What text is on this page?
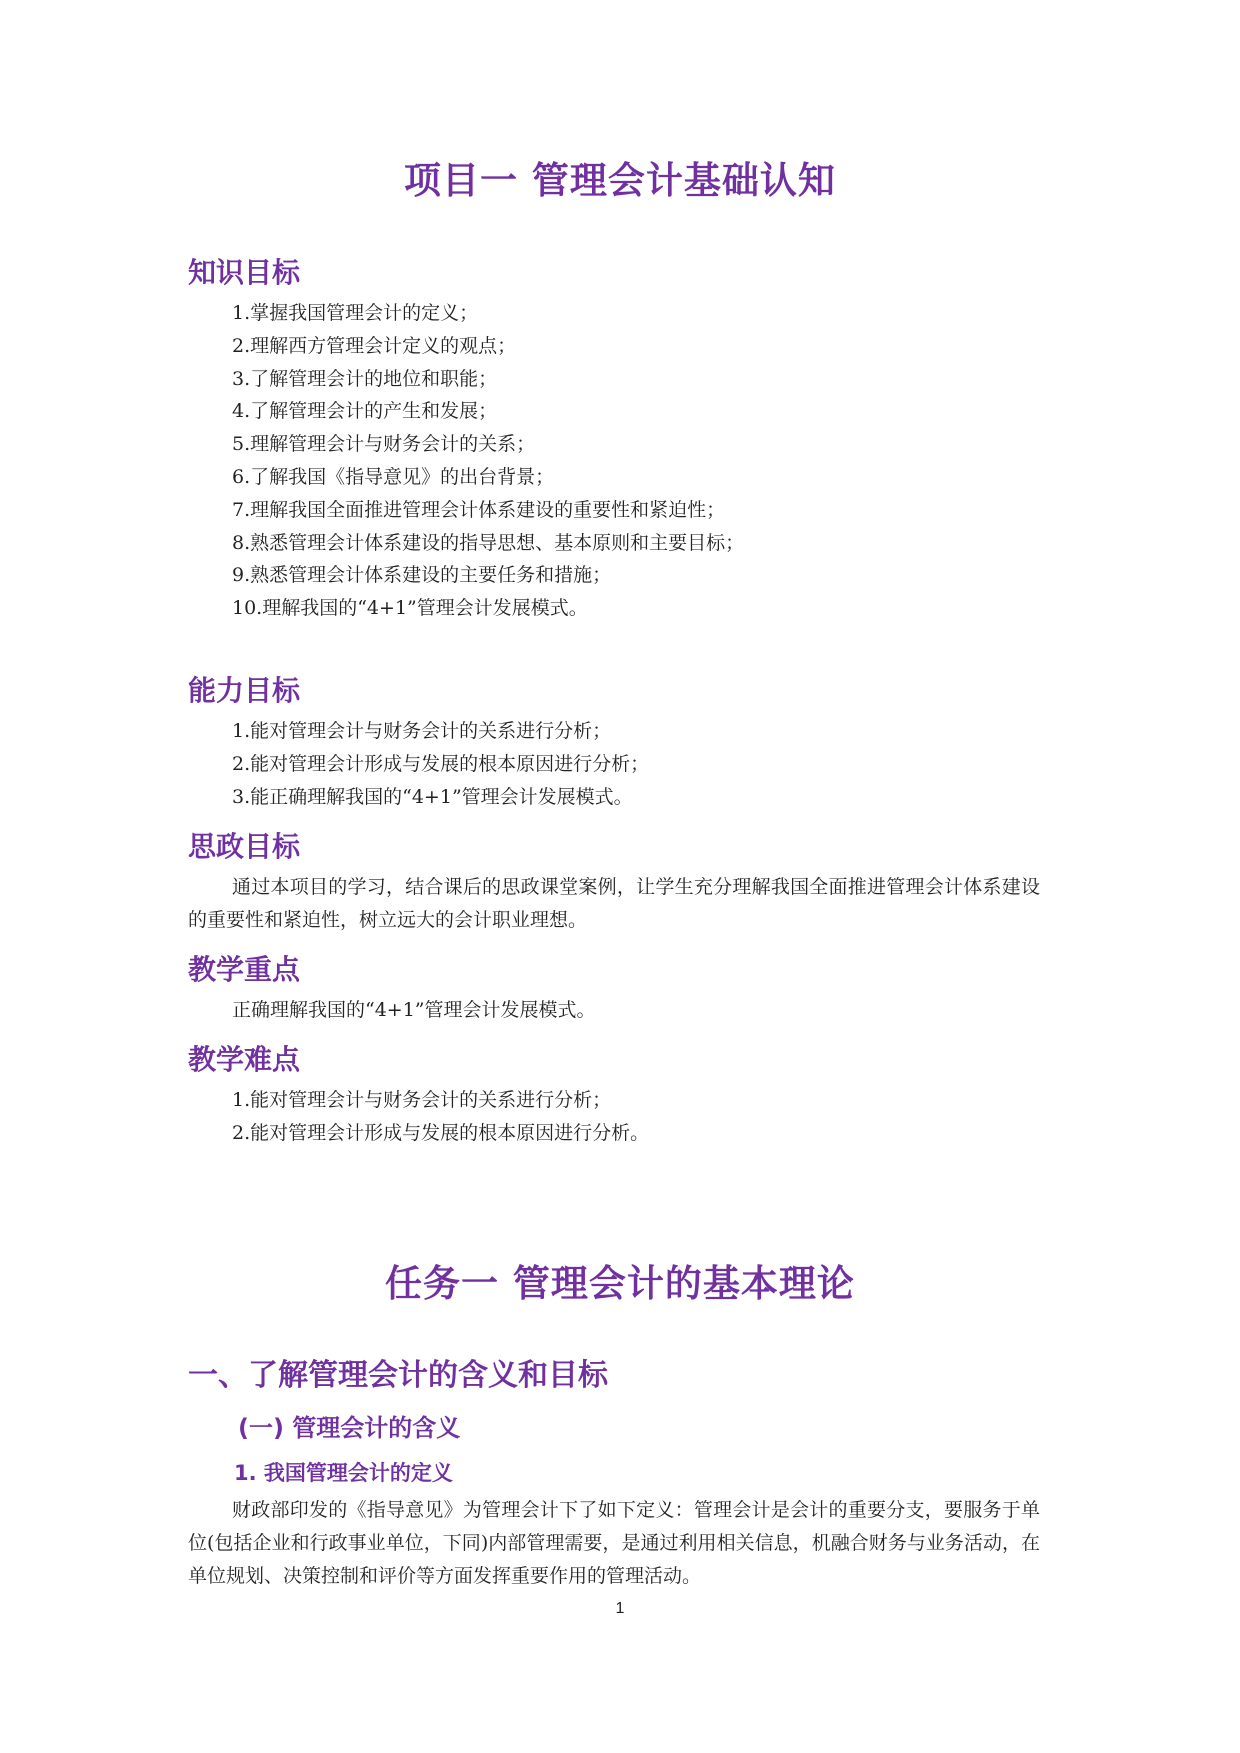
项目一 管理会计基础认知
知识目标
1.掌握我国管理会计的定义；
2.理解西方管理会计定义的观点；
3.了解管理会计的地位和职能；
4.了解管理会计的产生和发展；
5.理解管理会计与财务会计的关系；
6.了解我国《指导意见》的出台背景；
7.理解我国全面推进管理会计体系建设的重要性和紧迫性；
8.熟悉管理会计体系建设的指导思想、基本原则和主要目标；
9.熟悉管理会计体系建设的主要任务和措施；
10.理解我国的“4+1”管理会计发展模式。
能力目标
1.能对管理会计与财务会计的关系进行分析；
2.能对管理会计形成与发展的根本原因进行分析；
3.能正确理解我国的“4+1”管理会计发展模式。
思政目标

通过本项目的学习，结合课后的思政课堂案例，让学生充分理解我国全面推进管理会计体系建设的重要性和紧迫性，树立远大的会计职业理想。

教学重点

正确理解我国的“4+1”管理会计发展模式。

教学难点
1.能对管理会计与财务会计的关系进行分析；
2.能对管理会计形成与发展的根本原因进行分析。
任务一 管理会计的基本理论
一、了解管理会计的含义和目标
(一) 管理会计的含义
1. 我国管理会计的定义

财政部印发的《指导意见》为管理会计下了如下定义：管理会计是会计的重要分支，要服务于单位(包括企业和行政事业单位，下同)内部管理需要，是通过利用相关信息，机融合财务与业务活动，在单位规划、决策控制和评价等方面发挥重要作用的管理活动。

1
